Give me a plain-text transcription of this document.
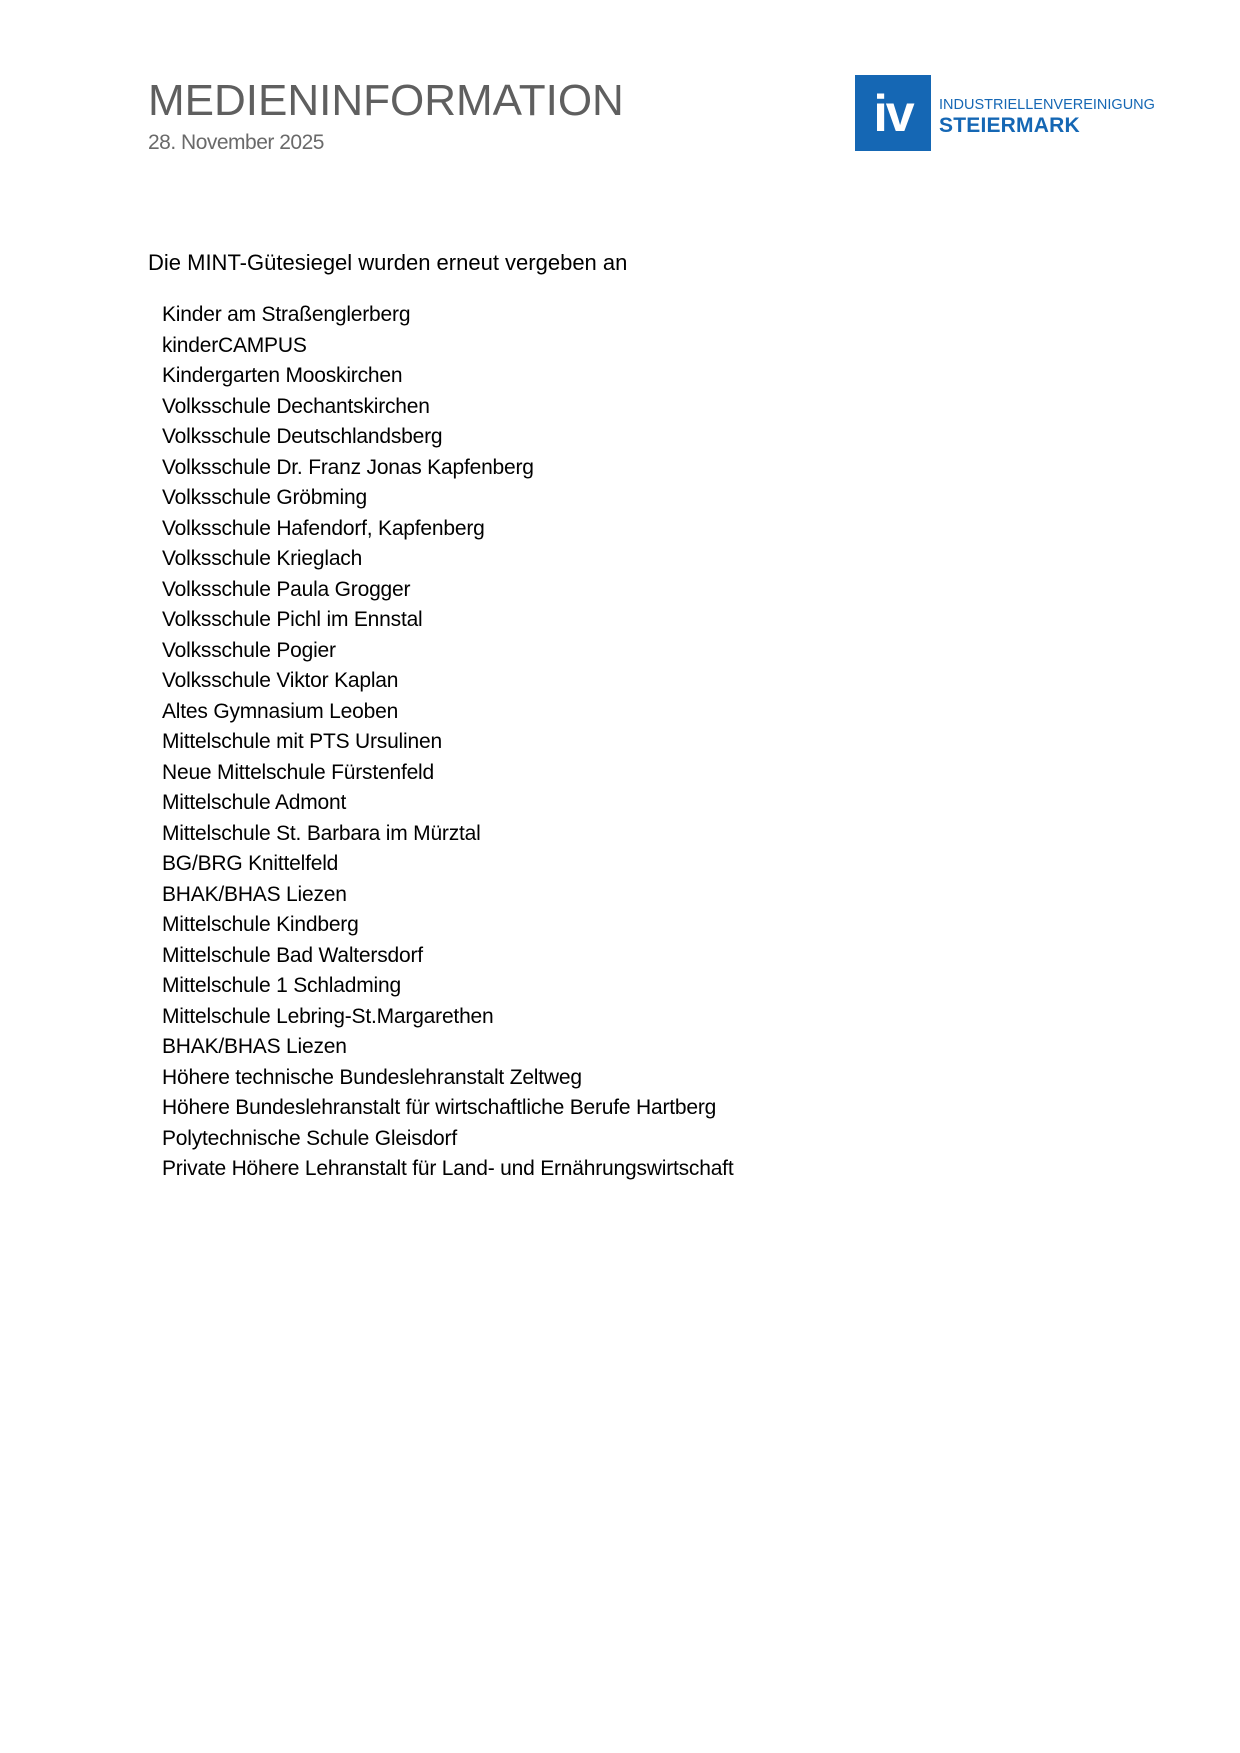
MEDIENINFORMATION
28. November 2025	iv INDUSTRIELLENVEREINIGUNG
STEIERMARK
Die MINT-Gütesiegel wurden erneut vergeben an
Kinder am Straßenglerberg
kinderCAMPUS
Kindergarten Mooskirchen
Volksschule Dechantskirchen
Volksschule Deutschlandsberg
Volksschule Dr. Franz Jonas Kapfenberg
Volksschule Gröbming
Volksschule Hafendorf, Kapfenberg
Volksschule Krieglach
Volksschule Paula Grogger
Volksschule Pichl im Ennstal
Volksschule Pogier
Volksschule Viktor Kaplan
Altes Gymnasium Leoben
Mittelschule mit PTS Ursulinen
Neue Mittelschule Fürstenfeld
Mittelschule Admont
Mittelschule St. Barbara im Mürztal
BG/BRG Knittelfeld
BHAK/BHAS Liezen
Mittelschule Kindberg
Mittelschule Bad Waltersdorf
Mittelschule 1 Schladming
Mittelschule Lebring-St.Margarethen
BHAK/BHAS Liezen
Höhere technische Bundeslehranstalt Zeltweg
Höhere Bundeslehranstalt für wirtschaftliche Berufe Hartberg
Polytechnische Schule Gleisdorf
Private Höhere Lehranstalt für Land- und Ernährungswirtschaft
